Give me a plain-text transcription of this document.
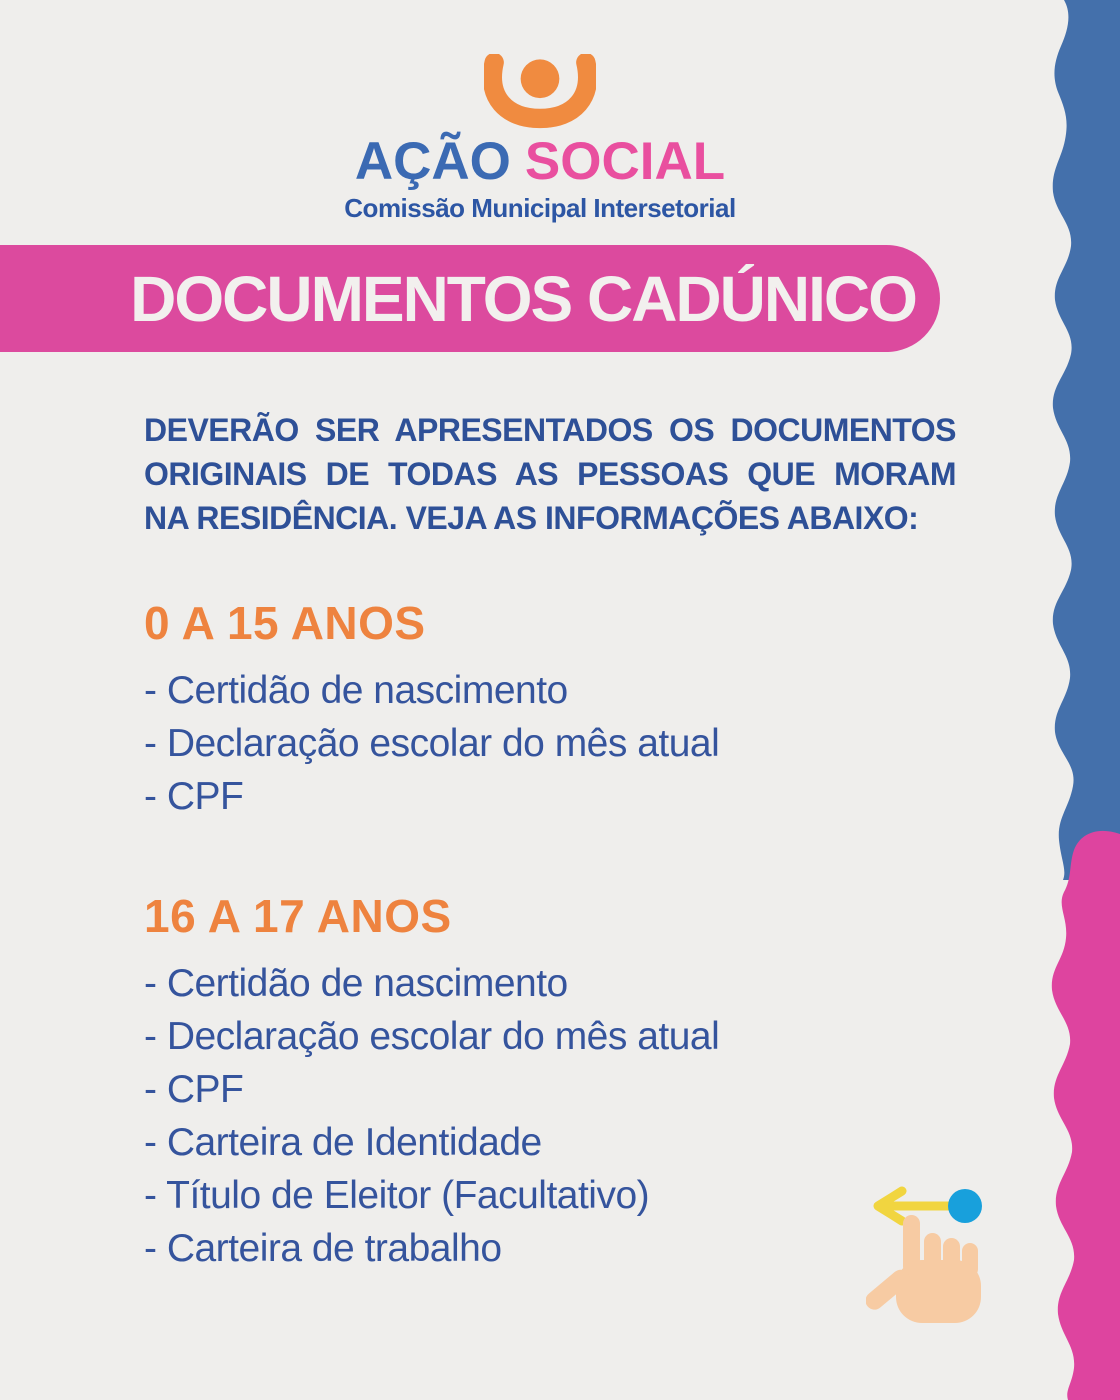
AÇÃO SOCIAL
Comissão Municipal Intersetorial
DOCUMENTOS CADÚNICO
DEVERÃO SER APRESENTADOS OS DOCUMENTOS
ORIGINAIS DE TODAS AS PESSOAS QUE MORAM
NA RESIDÊNCIA. VEJA AS INFORMAÇÕES ABAIXO:
0 A 15 ANOS
- Certidão de nascimento
- Declaração escolar do mês atual
- CPF
16 A 17 ANOS
- Certidão de nascimento
- Declaração escolar do mês atual
- CPF
- Carteira de Identidade
- Título de Eleitor (Facultativo)
- Carteira de trabalho
